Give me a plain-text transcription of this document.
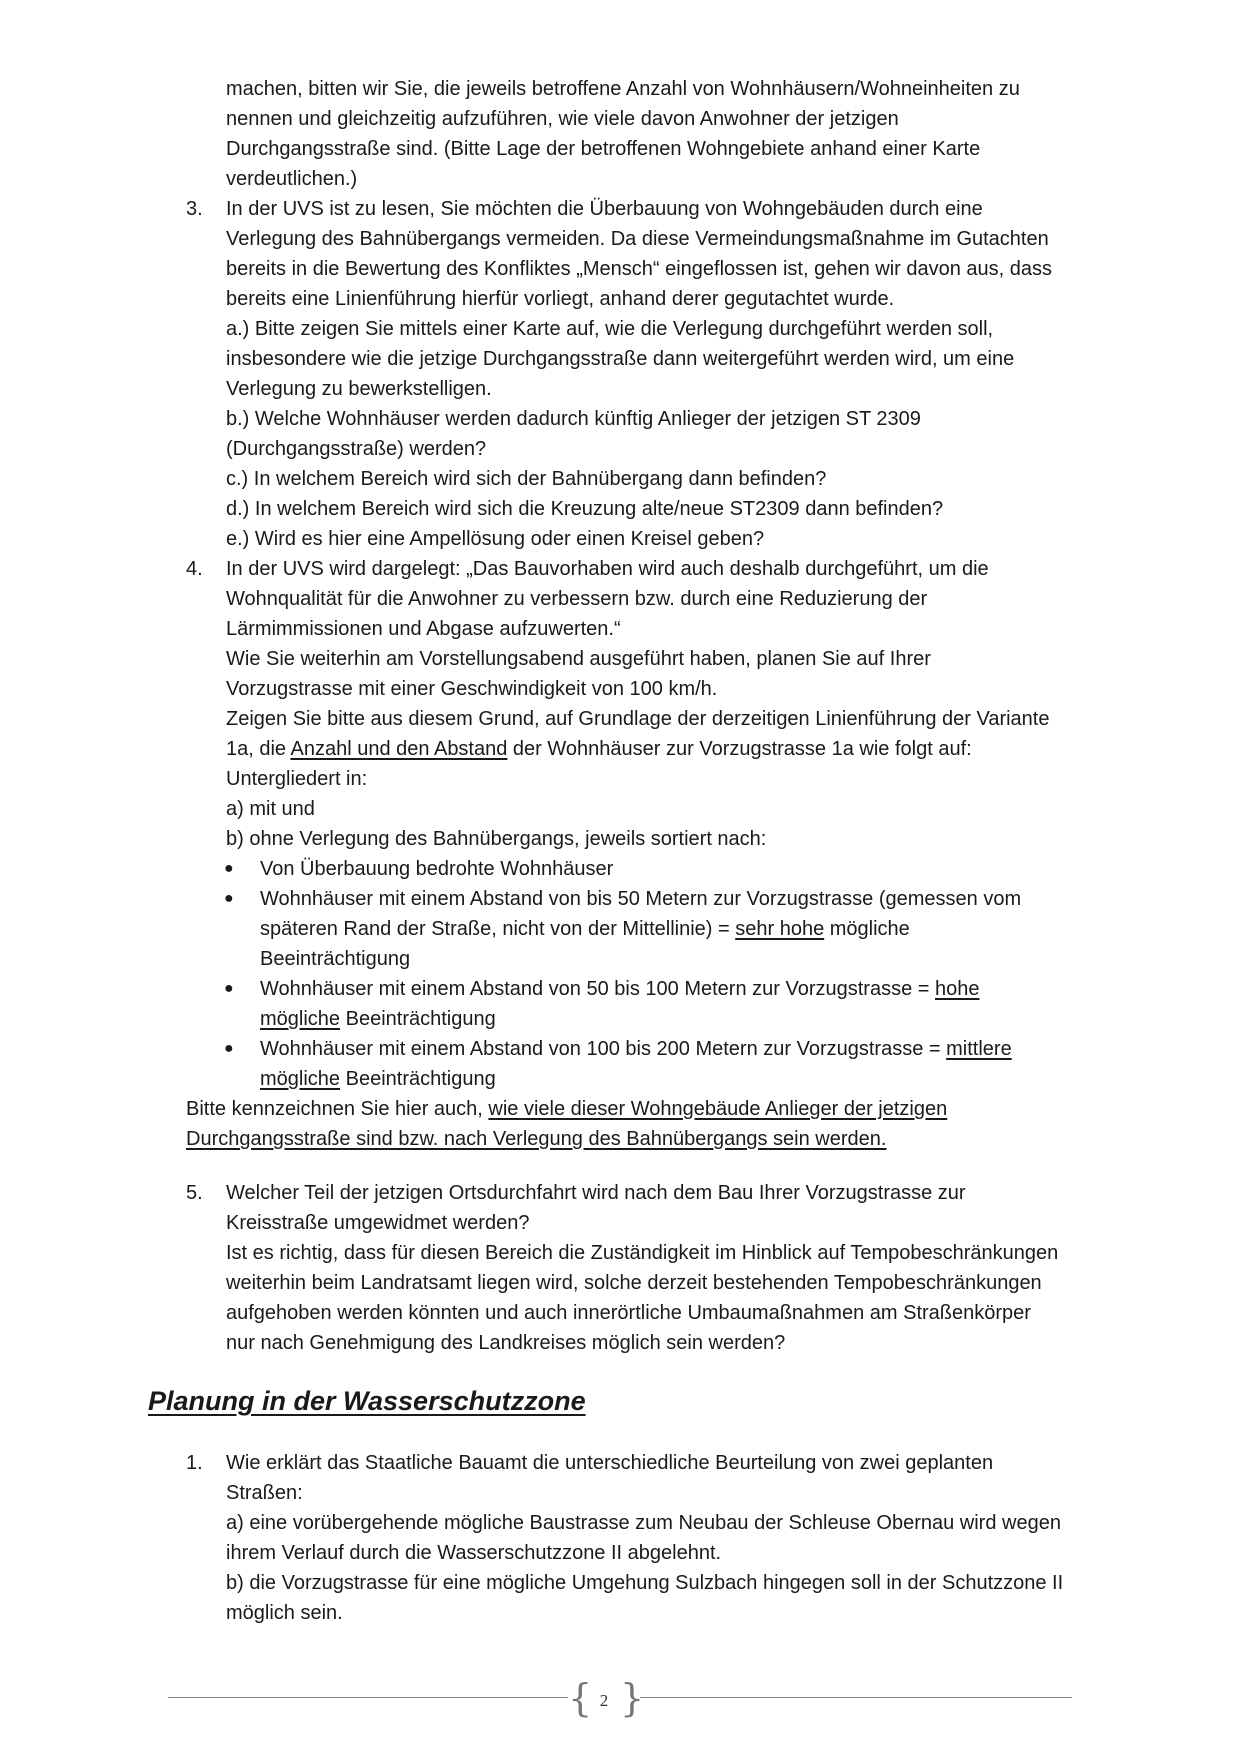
machen, bitten wir Sie, die jeweils betroffene Anzahl von Wohnhäusern/Wohneinheiten zu
nennen und gleichzeitig aufzuführen, wie viele davon Anwohner der jetzigen
Durchgangsstraße sind. (Bitte Lage der betroffenen Wohngebiete anhand einer Karte
verdeutlichen.)
3.	In der UVS ist zu lesen, Sie möchten die Überbauung von Wohngebäuden durch eine
Verlegung des Bahnübergangs vermeiden. Da diese Vermeindungsmaßnahme im Gutachten
bereits in die Bewertung des Konfliktes „Mensch“ eingeflossen ist, gehen wir davon aus, dass
bereits eine Linienführung hierfür vorliegt, anhand derer gegutachtet wurde.
a.) Bitte zeigen Sie mittels einer Karte auf, wie die Verlegung durchgeführt werden soll,
insbesondere wie die jetzige Durchgangsstraße dann weitergeführt werden wird, um eine
Verlegung zu bewerkstelligen.
b.) Welche Wohnhäuser werden dadurch künftig Anlieger der jetzigen ST 2309
(Durchgangsstraße) werden?
c.) In welchem Bereich wird sich der Bahnübergang dann befinden?
d.) In welchem Bereich wird sich die Kreuzung alte/neue ST2309 dann befinden?
e.) Wird es hier eine Ampellösung oder einen Kreisel geben?
4.	In der UVS wird dargelegt: „Das Bauvorhaben wird auch deshalb durchgeführt, um die
Wohnqualität für die Anwohner zu verbessern bzw. durch eine Reduzierung der
Lärmimmissionen und Abgase aufzuwerten.“
Wie Sie weiterhin am Vorstellungsabend ausgeführt haben, planen Sie auf Ihrer
Vorzugstrasse mit einer Geschwindigkeit von 100 km/h.
Zeigen Sie bitte aus diesem Grund, auf Grundlage der derzeitigen Linienführung der Variante
1a, die Anzahl und den Abstand der Wohnhäuser zur Vorzugstrasse 1a wie folgt auf:
Untergliedert in:
a) mit und
b) ohne Verlegung des Bahnübergangs, jeweils sortiert nach:
●	Von Überbauung bedrohte Wohnhäuser
●	Wohnhäuser mit einem Abstand von bis 50 Metern zur Vorzugstrasse (gemessen vom
späteren Rand der Straße, nicht von der Mittellinie) = sehr hohe mögliche
Beeinträchtigung
●	Wohnhäuser mit einem Abstand von 50 bis 100 Metern zur Vorzugstrasse = hohe
mögliche Beeinträchtigung
●	Wohnhäuser mit einem Abstand von 100 bis 200 Metern zur Vorzugstrasse = mittlere
mögliche Beeinträchtigung
Bitte kennzeichnen Sie hier auch, wie viele dieser Wohngebäude Anlieger der jetzigen
Durchgangsstraße sind bzw. nach Verlegung des Bahnübergangs sein werden.
5.	Welcher Teil der jetzigen Ortsdurchfahrt wird nach dem Bau Ihrer Vorzugstrasse zur
Kreisstraße umgewidmet werden?
Ist es richtig, dass für diesen Bereich die Zuständigkeit im Hinblick auf Tempobeschränkungen
weiterhin beim Landratsamt liegen wird, solche derzeit bestehenden Tempobeschränkungen
aufgehoben werden könnten und auch innerörtliche Umbaumaßnahmen am Straßenkörper
nur nach Genehmigung des Landkreises möglich sein werden?
Planung in der Wasserschutzzone
1.	Wie erklärt das Staatliche Bauamt die unterschiedliche Beurteilung von zwei geplanten
Straßen:
a) eine vorübergehende mögliche Baustrasse zum Neubau der Schleuse Obernau wird wegen
ihrem Verlauf durch die Wasserschutzzone II abgelehnt.
b) die Vorzugstrasse für eine mögliche Umgehung Sulzbach hingegen soll in der Schutzzone II
möglich sein.
{ 2 }
